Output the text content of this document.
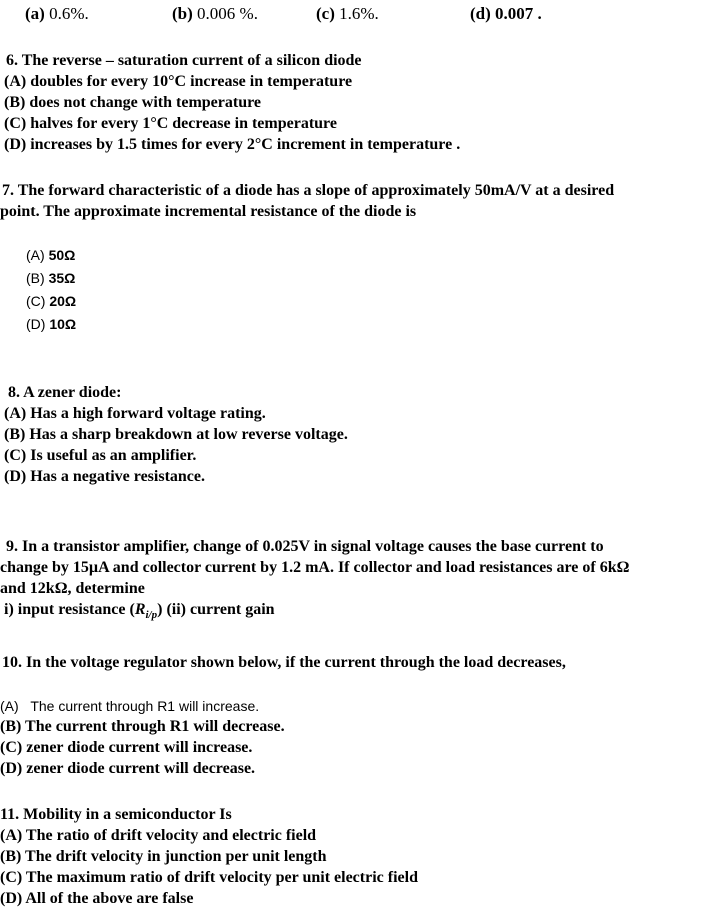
(a) 0.6%.	(b) 0.006 %.	(c) 1.6%.	(d) 0.007 .
6. The reverse – saturation current of a silicon diode
(A) doubles for every 10°C increase in temperature
(B) does not change with temperature
(C) halves for every 1°C decrease in temperature
(D) increases by 1.5 times for every 2°C increment in temperature .
7. The forward characteristic of a diode has a slope of approximately 50mA/V at a desired
point. The approximate incremental resistance of the diode is
(A) 50Ω
(B) 35Ω
(C) 20Ω
(D) 10Ω
8. A zener diode:
(A) Has a high forward voltage rating.
(B) Has a sharp breakdown at low reverse voltage.
(C) Is useful as an amplifier.
(D) Has a negative resistance.
9. In a transistor amplifier, change of 0.025V in signal voltage causes the base current to
change by 15µA and collector current by 1.2 mA. If collector and load resistances are of 6kΩ
and 12kΩ, determine
i) input resistance $(R_{i/p})$ (ii) current gain
10. In the voltage regulator shown below, if the current through the load decreases,
(A) The current through R1 will increase.
(B) The current through R1 will decrease.
(C) zener diode current will increase.
(D) zener diode current will decrease.
11. Mobility in a semiconductor Is
(A) The ratio of drift velocity and electric field
(B) The drift velocity in junction per unit length
(C) The maximum ratio of drift velocity per unit electric field
(D) All of the above are false
